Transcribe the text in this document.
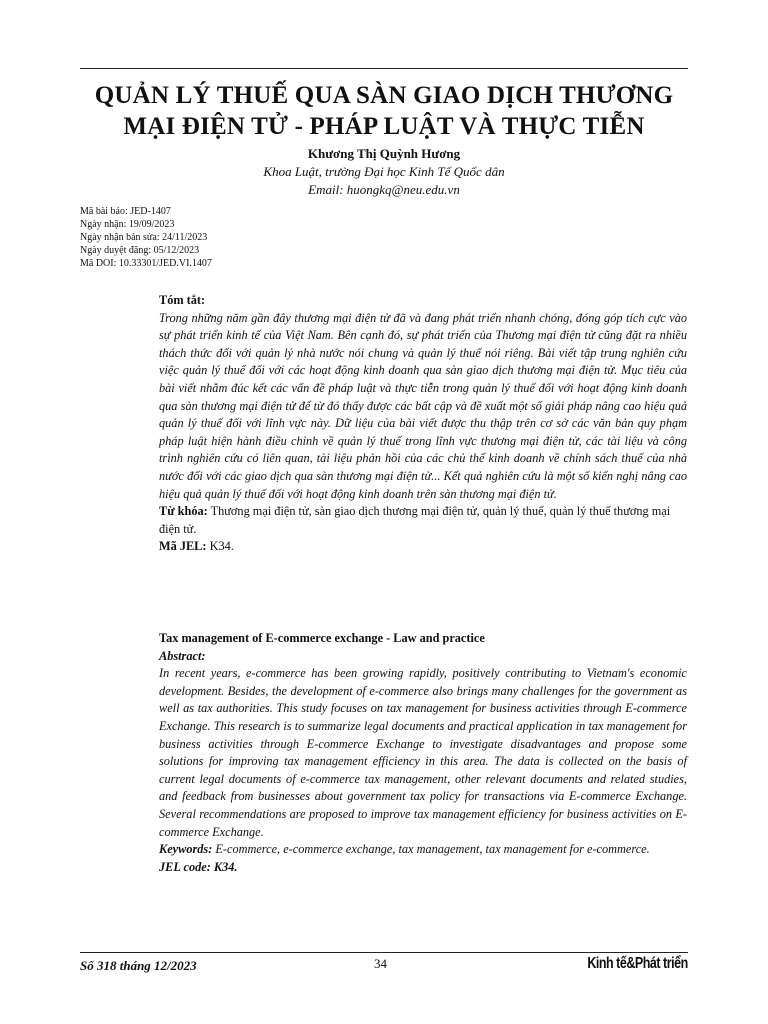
QUẢN LÝ THUẾ QUA SÀN GIAO DỊCH THƯƠNG
MẠI ĐIỆN TỬ - PHÁP LUẬT VÀ THỰC TIỄN
Khương Thị Quỳnh Hương
Khoa Luật, trường Đại học Kinh Tế Quốc dân
Email: huongkq@neu.edu.vn
Mã bài báo: JED-1407
Ngày nhận: 19/09/2023
Ngày nhận bản sửa: 24/11/2023
Ngày duyệt đăng: 05/12/2023
Mã DOI: 10.33301/JED.VI.1407
Tóm tắt:
Trong những năm gần đây thương mại điện tử đã và đang phát triển nhanh chóng, đóng góp tích cực vào sự phát triển kinh tế của Việt Nam. Bên cạnh đó, sự phát triển của Thương mại điện tử cũng đặt ra nhiều thách thức đối với quản lý nhà nước nói chung và quản lý thuế nói riêng. Bài viết tập trung nghiên cứu việc quản lý thuế đối với các hoạt động kinh doanh qua sàn giao dịch thương mại điện tử. Mục tiêu của bài viết nhằm đúc kết các vấn đề pháp luật và thực tiễn trong quản lý thuế đối với hoạt động kinh doanh qua sàn thương mại điện tử để từ đó thấy được các bất cập và đề xuất một số giải pháp nâng cao hiệu quả quản lý thuế đối với lĩnh vực này. Dữ liệu của bài viết được thu thập trên cơ sở các văn bản quy phạm pháp luật hiện hành điều chỉnh về quản lý thuế trong lĩnh vực thương mại điện tử, các tài liệu và công trình nghiên cứu có liên quan, tài liệu phản hồi của các chủ thể kinh doanh về chính sách thuế của nhà nước đối với các giao dịch qua sàn thương mại điện tử... Kết quả nghiên cứu là một số kiến nghị nâng cao hiệu quả quản lý thuế đối với hoạt động kinh doanh trên sàn thương mại điện tử.
Từ khóa: Thương mại điện tử, sàn giao dịch thương mại điện tử, quản lý thuế, quản lý thuế thương mại điện tử.
Mã JEL: K34.
Tax management of E-commerce exchange - Law and practice
Abstract:
In recent years, e-commerce has been growing rapidly, positively contributing to Vietnam's economic development. Besides, the development of e-commerce also brings many challenges for the government as well as tax authorities. This study focuses on tax management for business activities through E-commerce Exchange. This research is to summarize legal documents and practical application in tax management for business activities through E-commerce Exchange to investigate disadvantages and propose some solutions for improving tax management efficiency in this area. The data is collected on the basis of current legal documents of e-commerce tax management, other relevant documents and related studies, and feedback from businesses about government tax policy for transactions via E-commerce Exchange. Several recommendations are proposed to improve tax management efficiency for business activities on E-commerce Exchange.
Keywords: E-commerce, e-commerce exchange, tax management, tax management for e-commerce.
JEL code: K34.
Số 318 tháng 12/2023	34	Kinh tế&Phát triển
